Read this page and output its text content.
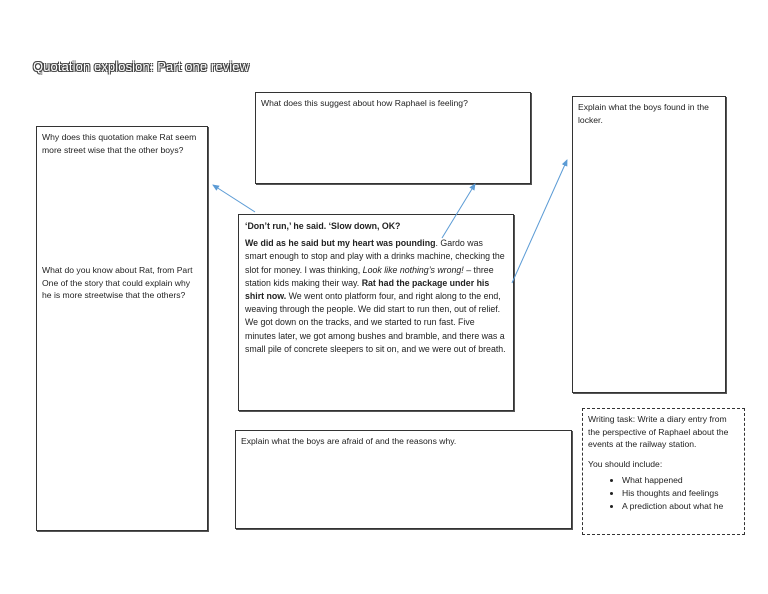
Quotation explosion: Part one review

What does this suggest about how Raphael is feeling?	Explain what the boys found in the locker.

Why does this quotation make Rat seem more street wise that the other boys?

What do you know about Rat, from Part One of the story that could explain why he is more streetwise that the others?

‘Don’t run,’ he said. ‘Slow down, OK?

We did as he said but my heart was pounding. Gardo was smart enough to stop and play with a drinks machine, checking the slot for money. I was thinking, Look like nothing’s wrong! – three station kids making their way. Rat had the package under his shirt now. We went onto platform four, and right along to the end, weaving through the people. We did start to run then, out of relief. We got down on the tracks, and we started to run fast. Five minutes later, we got among bushes and bramble, and there was a small pile of concrete sleepers to sit on, and we were out of breath.

Explain what the boys are afraid of and the reasons why.

Writing task: Write a diary entry from the perspective of Raphael about the events at the railway station.

You should include:

• What happened
• His thoughts and feelings
• A prediction about what he
